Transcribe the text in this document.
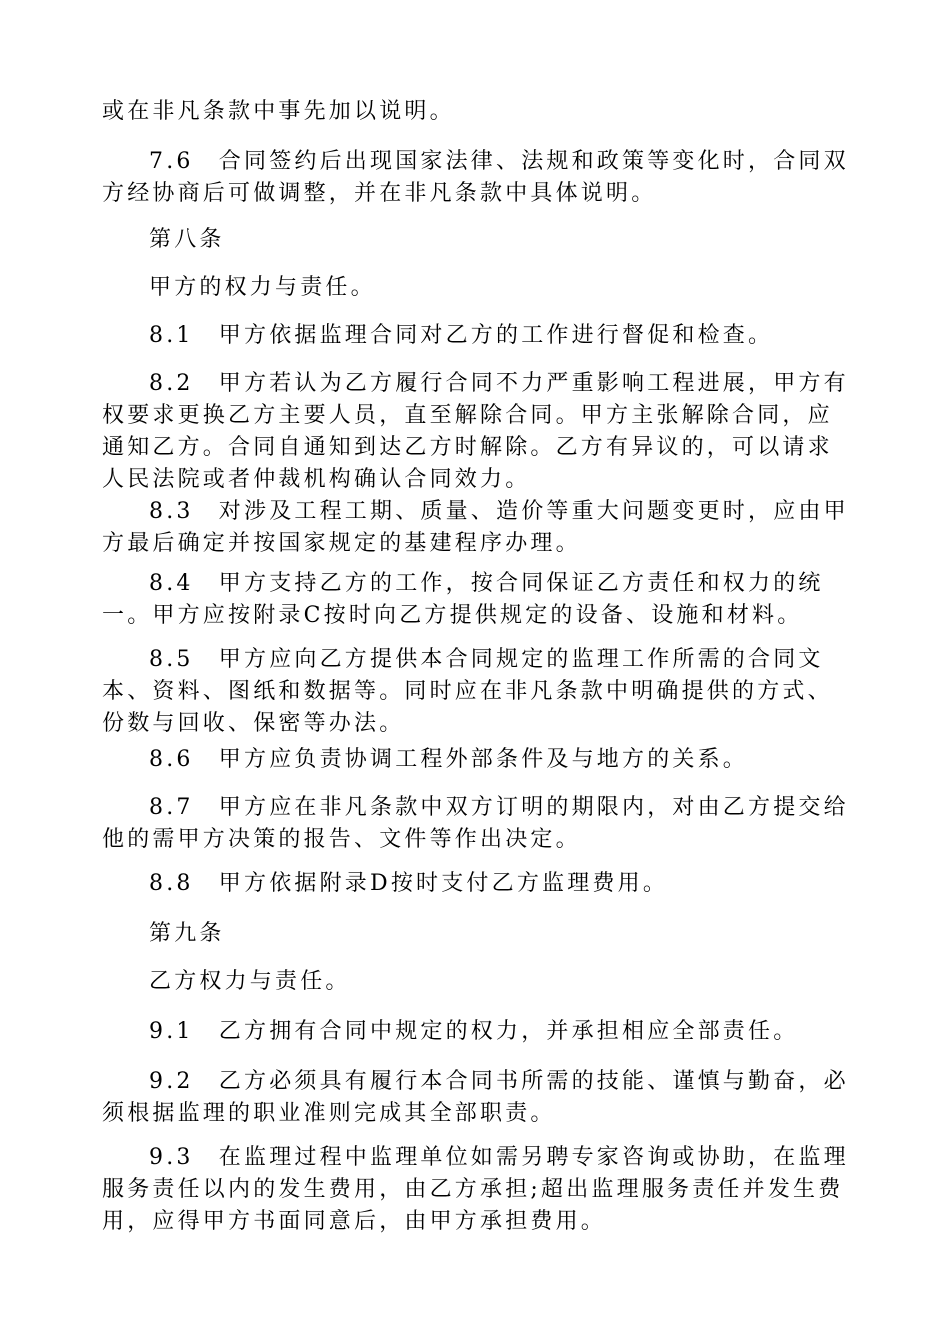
或在非凡条款中事先加以说明。

7.6　合同签约后出现国家法律、法规和政策等变化时，合同双方经协商后可做调整，并在非凡条款中具体说明。

第八条

甲方的权力与责任。

8.1　甲方依据监理合同对乙方的工作进行督促和检查。

8.2　甲方若认为乙方履行合同不力严重影响工程进展，甲方有权要求更换乙方主要人员，直至解除合同。甲方主张解除合同，应通知乙方。合同自通知到达乙方时解除。乙方有异议的，可以请求人民法院或者仲裁机构确认合同效力。

8.3　对涉及工程工期、质量、造价等重大问题变更时，应由甲方最后确定并按国家规定的基建程序办理。

8.4　甲方支持乙方的工作，按合同保证乙方责任和权力的统一。甲方应按附录C按时向乙方提供规定的设备、设施和材料。

8.5　甲方应向乙方提供本合同规定的监理工作所需的合同文本、资料、图纸和数据等。同时应在非凡条款中明确提供的方式、份数与回收、保密等办法。

8.6　甲方应负责协调工程外部条件及与地方的关系。

8.7　甲方应在非凡条款中双方订明的期限内，对由乙方提交给他的需甲方决策的报告、文件等作出决定。

8.8　甲方依据附录D按时支付乙方监理费用。

第九条

乙方权力与责任。

9.1　乙方拥有合同中规定的权力，并承担相应全部责任。

9.2　乙方必须具有履行本合同书所需的技能、谨慎与勤奋，必须根据监理的职业准则完成其全部职责。

9.3　在监理过程中监理单位如需另聘专家咨询或协助，在监理服务责任以内的发生费用，由乙方承担;超出监理服务责任并发生费用，应得甲方书面同意后，由甲方承担费用。
